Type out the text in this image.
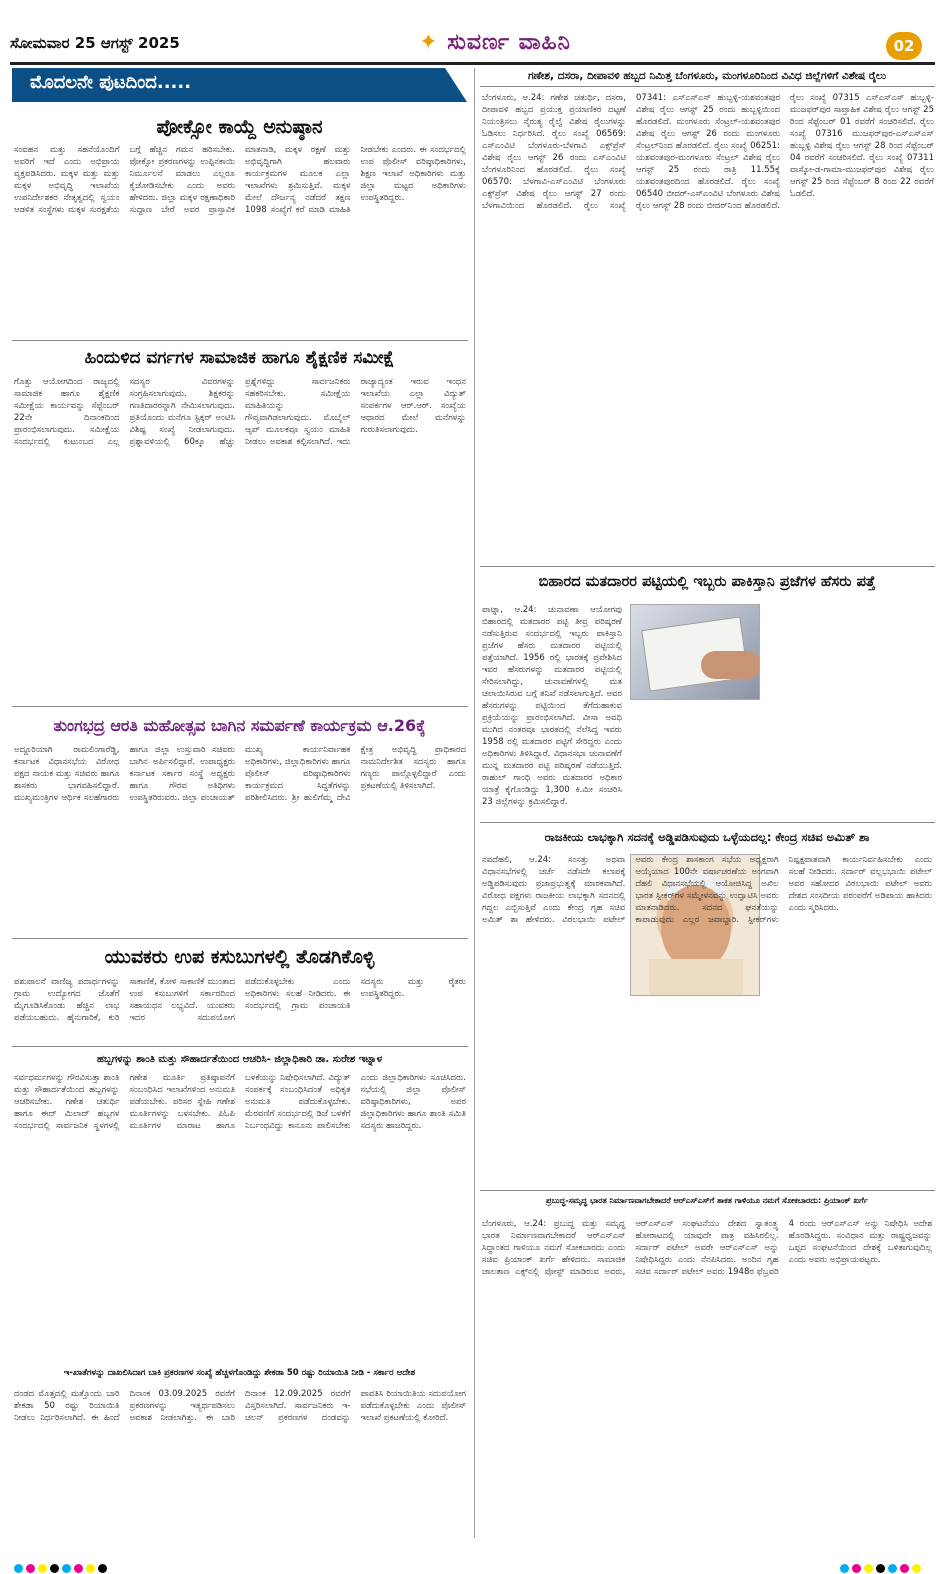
ಸೋಮವಾರ 25 ಆಗಸ್ಟ್ 2025	✦ ಸುವರ್ಣ ವಾಹಿನಿ	02
ಮೊದಲನೇ ಪುಟದಿಂದ.....	ಗಣೇಶ, ದಸರಾ, ದೀಪಾವಳಿ ಹಬ್ಬದ ನಿಮಿತ್ತ ಬೆಂಗಳೂರು, ಮಂಗಳೂರಿನಿಂದ ವಿವಿಧ ಜಿಲ್ಲೆಗಳಿಗೆ ವಿಶೇಷ ರೈಲು
ಪೋಕ್ಸೋ ಕಾಯ್ದೆ ಅನುಷ್ಠಾನ
ಸಂವಹನ ಮತ್ತು ಸಹನೆಯೊಂದಿಗೆ ಅವರಿಗೆ ಇದೆ ಎಂದು ಅಭಿಪ್ರಾಯ ವ್ಯಕ್ತಪಡಿಸಿದರು. ಮಕ್ಕಳ ಮತ್ತು ಮತ್ತು ಮಕ್ಕಳ ಅಭಿವೃದ್ಧಿ ಇಲಾಖೆಯ ಉಪನಿರ್ದೇಶಕರ ನೇತೃತ್ವದಲ್ಲಿ ಸ್ವಯಂ ಆಡಳಿತ ಸಂಸ್ಥೆಗಳು ಮಕ್ಕಳ ಸುರಕ್ಷತೆಯ ಬಗ್ಗೆ ಹೆಚ್ಚಿನ ಗಮನ ಹರಿಸಬೇಕು. ಪೋಕ್ಸೋ ಪ್ರಕರಣಗಳನ್ನು ಉಪ್ಪಿನಕಾಯಿ ನಿರ್ಮೂಲನೆ ಮಾಡಲು ಎಲ್ಲರೂ ಕೈಜೋಡಿಸಬೇಕು ಎಂದು ಅವರು ಹೇಳಿದರು. ಜಿಲ್ಲಾ ಮಕ್ಕಳ ರಕ್ಷಣಾಧಿಕಾರಿ ಸುದ್ದಾಣ ಬೇರೆ ಅವರ ಪ್ರಾಸ್ತಾವಿಕ ಮಾತನಾಡಿ, ಮಕ್ಕಳ ರಕ್ಷಣೆ ಮತ್ತು ಅಭಿವೃದ್ಧಿಗಾಗಿ ಹಲವಾರು ಕಾರ್ಯಕ್ರಮಗಳ ಮೂಲಕ ಎಲ್ಲಾ ಇಲಾಖೆಗಳು ಶ್ರಮಿಸುತ್ತಿವೆ. ಮಕ್ಕಳ ಮೇಲೆ ದೌರ್ಜನ್ಯ ನಡೆದರೆ ತಕ್ಷಣ 1098 ಸಂಖ್ಯೆಗೆ ಕರೆ ಮಾಡಿ ಮಾಹಿತಿ ನೀಡಬೇಕು ಎಂದರು. ಈ ಸಂದರ್ಭದಲ್ಲಿ ಉಪ ಪೊಲೀಸ್ ವರಿಷ್ಠಾಧಿಕಾರಿಗಳು, ಶಿಕ್ಷಣ ಇಲಾಖೆ ಅಧಿಕಾರಿಗಳು ಮತ್ತು ಜಿಲ್ಲಾ ಮಟ್ಟದ ಅಧಿಕಾರಿಗಳು ಉಪಸ್ಥಿತರಿದ್ದರು.
ಹಿಂದುಳಿದ ವರ್ಗಗಳ ಸಾಮಾಜಿಕ ಹಾಗೂ ಶೈಕ್ಷಣಿಕ ಸಮೀಕ್ಷೆ
ಗೊತ್ತು ಆಯೋಗದಿಂದ ರಾಜ್ಯದಲ್ಲಿ ಸಾಮಾಜಿಕ ಹಾಗೂ ಶೈಕ್ಷಣಿಕ ಸಮೀಕ್ಷೆಯ ಕಾರ್ಯವನ್ನು ಸೆಪ್ಟೆಂಬರ್ 22ನೇ ದಿನಾಂಕದಿಂದ ಪ್ರಾರಂಭಿಸಲಾಗುವುದು. ಸಮೀಕ್ಷೆಯ ಸಂದರ್ಭದಲ್ಲಿ ಕುಟುಂಬದ ಎಲ್ಲ ಸದಸ್ಯರ ವಿವರಗಳನ್ನು ಸಂಗ್ರಹಿಸಲಾಗುವುದು. ಶಿಕ್ಷಕರನ್ನು ಗಣತಿದಾರರನ್ನಾಗಿ ನೇಮಿಸಲಾಗುವುದು. ಪ್ರತಿಯೊಂದು ಮನೆಗೂ ಸ್ಟಿಕ್ಕರ್ ಅಂಟಿಸಿ ವಿಶಿಷ್ಟ ಸಂಖ್ಯೆ ನೀಡಲಾಗುವುದು. ಪ್ರಶ್ನಾವಳಿಯಲ್ಲಿ 60ಕ್ಕೂ ಹೆಚ್ಚು ಪ್ರಶ್ನೆಗಳಿದ್ದು ಸಾರ್ವಜನಿಕರು ಸಹಕರಿಸಬೇಕು. ಸಮೀಕ್ಷೆಯ ಮಾಹಿತಿಯನ್ನು ಗೌಪ್ಯವಾಗಿಡಲಾಗುವುದು. ಮೊಬೈಲ್ ಆ್ಯಪ್ ಮೂಲಕವೂ ಸ್ವಯಂ ಮಾಹಿತಿ ನೀಡಲು ಅವಕಾಶ ಕಲ್ಪಿಸಲಾಗಿದೆ. ಇದು ರಾಜ್ಯಾದ್ಯಂತ ಇರುವ ಇಂಧನ ಇಲಾಖೆಯ ಎಲ್ಲಾ ವಿದ್ಯುತ್ ಸಂಪರ್ಕಗಳ ಆರ್.ಆರ್. ಸಂಖ್ಯೆಯ ಆಧಾರದ ಮೇಲೆ ಮನೆಗಳನ್ನು ಗುರುತಿಸಲಾಗುವುದು.
ತುಂಗಭದ್ರ ಆರತಿ ಮಹೋತ್ಸವ ಬಾಗಿನ ಸಮರ್ಪಣೆ ಕಾರ್ಯಕ್ರಮ ಆ.26ಕ್ಕೆ
ಅದ್ದೂರಿಯಾಗಿ ರಾಮಲಿಂಗಾರೆಡ್ಡಿ, ಕರ್ನಾಟಕ ವಿಧಾನಸಭೆಯ ವಿರೋಧ ಪಕ್ಷದ ನಾಯಕ ಮತ್ತು ಸಚಿವರು ಹಾಗೂ ಶಾಸಕರು ಭಾಗವಹಿಸಲಿದ್ದಾರೆ. ಮುಖ್ಯಮಂತ್ರಿಗಳ ಆರ್ಥಿಕ ಸಲಹೆಗಾರರು ಹಾಗೂ ಜಿಲ್ಲಾ ಉಸ್ತುವಾರಿ ಸಚಿವರು ಬಾಗಿನ ಅರ್ಪಿಸಲಿದ್ದಾರೆ. ಉಪಾಧ್ಯಕ್ಷರು ಕರ್ನಾಟಕ ಸರ್ಕಾರ ಸಂಸ್ಥೆ ಅಧ್ಯಕ್ಷರು ಹಾಗೂ ಗೌರವ ಅತಿಥಿಗಳು ಉಪಸ್ಥಿತರಿರುವರು. ಜಿಲ್ಲಾ ಪಂಚಾಯತ್ ಮುಖ್ಯ ಕಾರ್ಯನಿರ್ವಾಹಕ ಅಧಿಕಾರಿಗಳು, ಜಿಲ್ಲಾಧಿಕಾರಿಗಳು ಹಾಗೂ ಪೊಲೀಸ್ ವರಿಷ್ಠಾಧಿಕಾರಿಗಳು ಕಾರ್ಯಕ್ರಮದ ಸಿದ್ಧತೆಗಳನ್ನು ಪರಿಶೀಲಿಸಿದರು. ಶ್ರೀ ಹುಲಿಗೆಮ್ಮ ದೇವಿ ಕ್ಷೇತ್ರ ಅಭಿವೃದ್ಧಿ ಪ್ರಾಧಿಕಾರದ ನಾಮನಿರ್ದೇಶಿತ ಸದಸ್ಯರು ಹಾಗೂ ಗಣ್ಯರು ಪಾಲ್ಗೊಳ್ಳಲಿದ್ದಾರೆ ಎಂದು ಪ್ರಕಟಣೆಯಲ್ಲಿ ತಿಳಿಸಲಾಗಿದೆ.
ಯುವಕರು ಉಪ ಕಸುಬುಗಳಲ್ಲಿ ತೊಡಗಿಕೊಳ್ಳಿ
ಪಶುಪಾಲನೆ ವಾಣಿಜ್ಯ ಪದಾರ್ಥಗಳನ್ನು ಗ್ರಾಮ ಉದ್ಯೋಗದ ಜೊತೆಗೆ ಮೈಗೂಡಿಸಿಕೊಂಡು ಹೆಚ್ಚಿನ ಲಾಭ ಪಡೆಯಬಹುದು. ಹೈನುಗಾರಿಕೆ, ಕುರಿ ಸಾಕಾಣಿಕೆ, ಕೋಳಿ ಸಾಕಾಣಿಕೆ ಮುಂತಾದ ಉಪ ಕಸುಬುಗಳಿಗೆ ಸರ್ಕಾರದಿಂದ ಸಹಾಯಧನ ಲಭ್ಯವಿದೆ. ಯುವಕರು ಇದರ ಸದುಪಯೋಗ ಪಡೆದುಕೊಳ್ಳಬೇಕು ಎಂದು ಅಧಿಕಾರಿಗಳು ಸಲಹೆ ನೀಡಿದರು. ಈ ಸಂದರ್ಭದಲ್ಲಿ ಗ್ರಾಮ ಪಂಚಾಯತಿ ಸದಸ್ಯರು ಮತ್ತು ರೈತರು ಉಪಸ್ಥಿತರಿದ್ದರು.
ಹಬ್ಬಗಳನ್ನು ಶಾಂತಿ ಮತ್ತು ಸೌಹಾರ್ದತೆಯಿಂದ ಆಚರಿಸಿ- ಜಿಲ್ಲಾಧಿಕಾರಿ ಡಾ. ಸುರೇಶ ಇಟ್ನಾಳ
ಸರ್ವಧರ್ಮಗಳನ್ನು ಗೌರವಿಸುತ್ತಾ ಶಾಂತಿ ಮತ್ತು ಸೌಹಾರ್ದತೆಯಿಂದ ಹಬ್ಬಗಳನ್ನು ಆಚರಿಸಬೇಕು. ಗಣೇಶ ಚತುರ್ಥಿ ಹಾಗೂ ಈದ್ ಮಿಲಾದ್ ಹಬ್ಬಗಳ ಸಂದರ್ಭದಲ್ಲಿ ಸಾರ್ವಜನಿಕ ಸ್ಥಳಗಳಲ್ಲಿ ಗಣೇಶ ಮೂರ್ತಿ ಪ್ರತಿಷ್ಠಾಪನೆಗೆ ಸಂಬಂಧಿಸಿದ ಇಲಾಖೆಗಳಿಂದ ಅನುಮತಿ ಪಡೆಯಬೇಕು. ಪರಿಸರ ಸ್ನೇಹಿ ಗಣೇಶ ಮೂರ್ತಿಗಳನ್ನು ಬಳಸಬೇಕು. ಪಿಓಪಿ ಮೂರ್ತಿಗಳ ಮಾರಾಟ ಹಾಗೂ ಬಳಕೆಯನ್ನು ನಿಷೇಧಿಸಲಾಗಿದೆ. ವಿದ್ಯುತ್ ಸಂಪರ್ಕಕ್ಕೆ ಸಂಬಂಧಿಸಿದಂತೆ ಅಧಿಕೃತ ಅನುಮತಿ ಪಡೆದುಕೊಳ್ಳಬೇಕು. ಮೆರವಣಿಗೆ ಸಂದರ್ಭದಲ್ಲಿ ಡಿಜೆ ಬಳಕೆಗೆ ನಿರ್ಬಂಧವಿದ್ದು ಕಾನೂನು ಪಾಲಿಸಬೇಕು ಎಂದು ಜಿಲ್ಲಾಧಿಕಾರಿಗಳು ಸೂಚಿಸಿದರು. ಸಭೆಯಲ್ಲಿ ಜಿಲ್ಲಾ ಪೊಲೀಸ್ ವರಿಷ್ಠಾಧಿಕಾರಿಗಳು, ಅಪರ ಜಿಲ್ಲಾಧಿಕಾರಿಗಳು ಹಾಗೂ ಶಾಂತಿ ಸಮಿತಿ ಸದಸ್ಯರು ಹಾಜರಿದ್ದರು.
ಇ-ಖಾತೆಗಳನ್ನು ದಾಖಲಿಸಿದಾಗ ಬಾಕಿ ಪ್ರಕರಣಗಳ ಸಂಖ್ಯೆ ಹೆಚ್ಚಳಗೊಂಡಿದ್ದು ಶೇಕಡಾ 50 ರಷ್ಟು ರಿಯಾಯಿತಿ ನೀಡಿ - ಸರ್ಕಾರ ಆದೇಶ
ದಂಡದ ಮೊತ್ತದಲ್ಲಿ ಮತ್ತೊಂದು ಬಾರಿ ಶೇಕಡಾ 50 ರಷ್ಟು ರಿಯಾಯಿತಿ ನೀಡಲು ನಿರ್ಧರಿಸಲಾಗಿದೆ. ಈ ಹಿಂದೆ ದಿನಾಂಕ 03.09.2025 ರವರೆಗೆ ಪ್ರಕರಣಗಳನ್ನು ಇತ್ಯರ್ಥಪಡಿಸಲು ಅವಕಾಶ ನೀಡಲಾಗಿತ್ತು. ಈ ಬಾರಿ ದಿನಾಂಕ 12.09.2025 ರವರೆಗೆ ವಿಸ್ತರಿಸಲಾಗಿದೆ. ಸಾರ್ವಜನಿಕರು ಇ-ಚಲನ್ ಪ್ರಕರಣಗಳ ದಂಡವನ್ನು ಪಾವತಿಸಿ ರಿಯಾಯಿತಿಯ ಸದುಪಯೋಗ ಪಡೆದುಕೊಳ್ಳಬೇಕು ಎಂದು ಪೊಲೀಸ್ ಇಲಾಖೆ ಪ್ರಕಟಣೆಯಲ್ಲಿ ಕೋರಿದೆ.
ಬೆಂಗಳೂರು, ಆ.24: ಗಣೇಶ ಚತುರ್ಥಿ, ದಸರಾ, ದೀಪಾವಳಿ ಹಬ್ಬದ ಪ್ರಯುಕ್ತ ಪ್ರಯಾಣಿಕರ ದಟ್ಟಣೆ ನಿಯಂತ್ರಿಸಲು ನೈರುತ್ಯ ರೈಲ್ವೆ ವಿಶೇಷ ರೈಲುಗಳನ್ನು ಓಡಿಸಲು ನಿರ್ಧರಿಸಿದೆ. ರೈಲು ಸಂಖ್ಯೆ 06569: ಎಸ್‌ಎಂವಿಟಿ ಬೆಂಗಳೂರು-ಬೆಳಗಾವಿ ಎಕ್ಸ್‌ಪ್ರೆಸ್ ವಿಶೇಷ ರೈಲು ಆಗಸ್ಟ್ 26 ರಂದು ಎಸ್‌ಎಂವಿಟಿ ಬೆಂಗಳೂರಿನಿಂದ ಹೊರಡಲಿದೆ. ರೈಲು ಸಂಖ್ಯೆ 06570: ಬೆಳಗಾವಿ-ಎಸ್‌ಎಂವಿಟಿ ಬೆಂಗಳೂರು ಎಕ್ಸ್‌ಪ್ರೆಸ್ ವಿಶೇಷ ರೈಲು ಆಗಸ್ಟ್ 27 ರಂದು ಬೆಳಗಾವಿಯಿಂದ ಹೊರಡಲಿದೆ. ರೈಲು ಸಂಖ್ಯೆ 07341: ಎಸ್‌ಎಸ್‌ಎಸ್ ಹುಬ್ಬಳ್ಳಿ-ಯಶವಂತಪುರ ವಿಶೇಷ ರೈಲು ಆಗಸ್ಟ್ 25 ರಂದು ಹುಬ್ಬಳ್ಳಿಯಿಂದ ಹೊರಡಲಿದೆ. ಮಂಗಳೂರು ಸೆಂಟ್ರಲ್-ಯಶವಂತಪುರ ವಿಶೇಷ ರೈಲು ಆಗಸ್ಟ್ 26 ರಂದು ಮಂಗಳೂರು ಸೆಂಟ್ರಲ್‌ನಿಂದ ಹೊರಡಲಿದೆ. ರೈಲು ಸಂಖ್ಯೆ 06251: ಯಶವಂತಪುರ-ಮಂಗಳೂರು ಸೆಂಟ್ರಲ್ ವಿಶೇಷ ರೈಲು ಆಗಸ್ಟ್ 25 ರಂದು ರಾತ್ರಿ 11.55ಕ್ಕೆ ಯಶವಂತಪುರದಿಂದ ಹೊರಡಲಿದೆ. ರೈಲು ಸಂಖ್ಯೆ 06540 ಬೀದರ್-ಎಸ್‌ಎಂವಿಟಿ ಬೆಂಗಳೂರು ವಿಶೇಷ ರೈಲು ಆಗಸ್ಟ್ 28 ರಂದು ಬೀದರ್‌ನಿಂದ ಹೊರಡಲಿದೆ. ರೈಲು ಸಂಖ್ಯೆ 07315 ಎಸ್‌ಎಸ್‌ಎಸ್ ಹುಬ್ಬಳ್ಳಿ-ಮುಜಫರ್‌ಪುರ ಸಾಪ್ತಾಹಿಕ ವಿಶೇಷ ರೈಲು ಆಗಸ್ಟ್ 25 ರಿಂದ ಸೆಪ್ಟೆಂಬರ್ 01 ರವರೆಗೆ ಸಂಚರಿಸಲಿದೆ. ರೈಲು ಸಂಖ್ಯೆ 07316 ಮುಜಫರ್‌ಪುರ-ಎಸ್‌ಎಸ್‌ಎಸ್ ಹುಬ್ಬಳ್ಳಿ ವಿಶೇಷ ರೈಲು ಆಗಸ್ಟ್ 28 ರಿಂದ ಸೆಪ್ಟೆಂಬರ್ 04 ರವರೆಗೆ ಸಂಚರಿಸಲಿದೆ. ರೈಲು ಸಂಖ್ಯೆ 07311 ವಾಸ್ಕೋ-ಡ-ಗಾಮಾ-ಮುಜಫರ್‌ಪುರ ವಿಶೇಷ ರೈಲು ಆಗಸ್ಟ್ 25 ರಿಂದ ಸೆಪ್ಟೆಂಬರ್ 8 ರಿಂದ 22 ರವರೆಗೆ ಓಡಲಿದೆ.
ಬಿಹಾರದ ಮತದಾರರ ಪಟ್ಟಿಯಲ್ಲಿ ಇಬ್ಬರು ಪಾಕಿಸ್ತಾನಿ ಪ್ರಜೆಗಳ ಹೆಸರು ಪತ್ತೆ
ಪಾಟ್ನಾ, ಆ.24: ಚುನಾವಣಾ ಆಯೋಗವು ಬಿಹಾರದಲ್ಲಿ ಮತದಾರರ ಪಟ್ಟಿ ತೀವ್ರ ಪರಿಷ್ಕರಣೆ ನಡೆಸುತ್ತಿರುವ ಸಂದರ್ಭದಲ್ಲಿ ಇಬ್ಬರು ಪಾಕಿಸ್ತಾನಿ ಪ್ರಜೆಗಳ ಹೆಸರು ಮತದಾರರ ಪಟ್ಟಿಯಲ್ಲಿ ಪತ್ತೆಯಾಗಿದೆ. 1956 ರಲ್ಲಿ ಭಾರತಕ್ಕೆ ಪ್ರವೇಶಿಸಿದ ಇವರ ಹೆಸರುಗಳನ್ನು ಮತದಾರರ ಪಟ್ಟಿಯಲ್ಲಿ ಸೇರಿಸಲಾಗಿದ್ದು, ಚುನಾವಣೆಗಳಲ್ಲಿ ಮತ ಚಲಾಯಿಸಿರುವ ಬಗ್ಗೆ ತನಿಖೆ ನಡೆಸಲಾಗುತ್ತಿದೆ. ಅವರ ಹೆಸರುಗಳನ್ನು ಪಟ್ಟಿಯಿಂದ ತೆಗೆದುಹಾಕುವ ಪ್ರಕ್ರಿಯೆಯನ್ನು ಪ್ರಾರಂಭಿಸಲಾಗಿದೆ. ವೀಸಾ ಅವಧಿ ಮುಗಿದ ನಂತರವೂ ಭಾರತದಲ್ಲಿ ನೆಲೆಸಿದ್ದ ಇವರು 1958 ರಲ್ಲಿ ಮತದಾರರ ಪಟ್ಟಿಗೆ ಸೇರಿದ್ದರು ಎಂದು ಅಧಿಕಾರಿಗಳು ತಿಳಿಸಿದ್ದಾರೆ. ವಿಧಾನಸಭಾ ಚುನಾವಣೆಗೆ ಮುನ್ನ ಮತದಾರರ ಪಟ್ಟಿ ಪರಿಷ್ಕರಣೆ ನಡೆಯುತ್ತಿದೆ. ರಾಹುಲ್ ಗಾಂಧಿ ಅವರು ಮತದಾರರ ಅಧಿಕಾರ ಯಾತ್ರೆ ಕೈಗೊಂಡಿದ್ದು 1,300 ಕಿ.ಮೀ ಸಂಚರಿಸಿ 23 ಜಿಲ್ಲೆಗಳನ್ನು ಕ್ರಮಿಸಲಿದ್ದಾರೆ.
ರಾಜಕೀಯ ಲಾಭಕ್ಕಾಗಿ ಸದನಕ್ಕೆ ಅಡ್ಡಿಪಡಿಸುವುದು ಒಳ್ಳೆಯದಲ್ಲ: ಕೇಂದ್ರ ಸಚಿವ ಅಮಿತ್ ಶಾ
ನವದೆಹಲಿ, ಆ.24: ಸಂಸತ್ತು ಅಥವಾ ವಿಧಾನಸಭೆಗಳಲ್ಲಿ ಚರ್ಚೆ ನಡೆಸದೇ ಕಲಾಪಕ್ಕೆ ಅಡ್ಡಿಪಡಿಸುವುದು ಪ್ರಜಾಪ್ರಭುತ್ವಕ್ಕೆ ಮಾರಕವಾಗಿದೆ. ವಿರೋಧ ಪಕ್ಷಗಳು ರಾಜಕೀಯ ಲಾಭಕ್ಕಾಗಿ ಸದನದಲ್ಲಿ ಗದ್ದಲ ಎಬ್ಬಿಸುತ್ತಿವೆ ಎಂದು ಕೇಂದ್ರ ಗೃಹ ಸಚಿವ ಅಮಿತ್ ಶಾ ಹೇಳಿದರು. ವಿಠಲಭಾಯಿ ಪಟೇಲ್ ಅವರು ಕೇಂದ್ರ ಶಾಸಕಾಂಗ ಸಭೆಯ ಅಧ್ಯಕ್ಷರಾಗಿ ಆಯ್ಕೆಯಾದ 100ನೇ ವರ್ಷಾಚರಣೆಯ ಅಂಗವಾಗಿ ದೆಹಲಿ ವಿಧಾನಸಭೆಯಲ್ಲಿ ಆಯೋಜಿಸಿದ್ದ ಅಖಿಲ ಭಾರತ ಸ್ಪೀಕರ್‌ಗಳ ಸಮ್ಮೇಳನವನ್ನು ಉದ್ಘಾಟಿಸಿ ಅವರು ಮಾತನಾಡಿದರು. ಸದನದ ಘನತೆಯನ್ನು ಕಾಪಾಡುವುದು ಎಲ್ಲರ ಜವಾಬ್ದಾರಿ. ಸ್ಪೀಕರ್‌ಗಳು ನಿಷ್ಪಕ್ಷಪಾತವಾಗಿ ಕಾರ್ಯನಿರ್ವಹಿಸಬೇಕು ಎಂದು ಸಲಹೆ ನೀಡಿದರು. ಸರ್ದಾರ್ ವಲ್ಲಭಭಾಯಿ ಪಟೇಲ್ ಅವರ ಸಹೋದರ ವಿಠಲಭಾಯಿ ಪಟೇಲ್ ಅವರು ದೇಶದ ಸಂಸದೀಯ ಪರಂಪರೆಗೆ ಅಡಿಪಾಯ ಹಾಕಿದರು ಎಂದು ಸ್ಮರಿಸಿದರು.
ಪ್ರಬುದ್ಧ-ಸಮೃದ್ಧ ಭಾರತ ನಿರ್ಮಾಣವಾಗಬೇಕಾದರೆ ಆರ್‌ಎಸ್‌ಎಸ್‌ಗೆ ತಾಕತ ಗಾಳಿಯೂ ನಮಗೆ ಸೋಕಬಾರದು: ಪ್ರಿಯಾಂಕ್ ಖರ್ಗೆ
ಬೆಂಗಳೂರು, ಆ.24: ಪ್ರಬುದ್ಧ ಮತ್ತು ಸಮೃದ್ಧ ಭಾರತ ನಿರ್ಮಾಣವಾಗಬೇಕಾದರೆ ಆರ್‌ಎಸ್‌ಎಸ್ ಸಿದ್ಧಾಂತದ ಗಾಳಿಯೂ ನಮಗೆ ಸೋಕಬಾರದು ಎಂದು ಸಚಿವ ಪ್ರಿಯಾಂಕ್ ಖರ್ಗೆ ಹೇಳಿದರು. ಸಾಮಾಜಿಕ ಜಾಲತಾಣ ಎಕ್ಸ್‌ನಲ್ಲಿ ಪೋಸ್ಟ್ ಮಾಡಿರುವ ಅವರು, ಆರ್‌ಎಸ್‌ಎಸ್ ಸಂಘಟನೆಯು ದೇಶದ ಸ್ವಾತಂತ್ರ್ಯ ಹೋರಾಟದಲ್ಲಿ ಯಾವುದೇ ಪಾತ್ರ ವಹಿಸಿರಲಿಲ್ಲ. ಸರ್ದಾರ್ ಪಟೇಲ್ ಅವರೇ ಆರ್‌ಎಸ್‌ಎಸ್ ಅನ್ನು ನಿಷೇಧಿಸಿದ್ದರು ಎಂದು ನೆನಪಿಸಿದರು. ಅಂದಿನ ಗೃಹ ಸಚಿವ ಸರ್ದಾರ್ ಪಟೇಲ್ ಅವರು 1948ರ ಫೆಬ್ರವರಿ 4 ರಂದು ಆರ್‌ಎಸ್‌ಎಸ್ ಅನ್ನು ನಿಷೇಧಿಸಿ ಆದೇಶ ಹೊರಡಿಸಿದ್ದರು. ಸಂವಿಧಾನ ಮತ್ತು ರಾಷ್ಟ್ರಧ್ವಜವನ್ನು ಒಪ್ಪದ ಸಂಘಟನೆಯಿಂದ ದೇಶಕ್ಕೆ ಒಳಿತಾಗುವುದಿಲ್ಲ ಎಂದು ಅವರು ಅಭಿಪ್ರಾಯಪಟ್ಟರು.
